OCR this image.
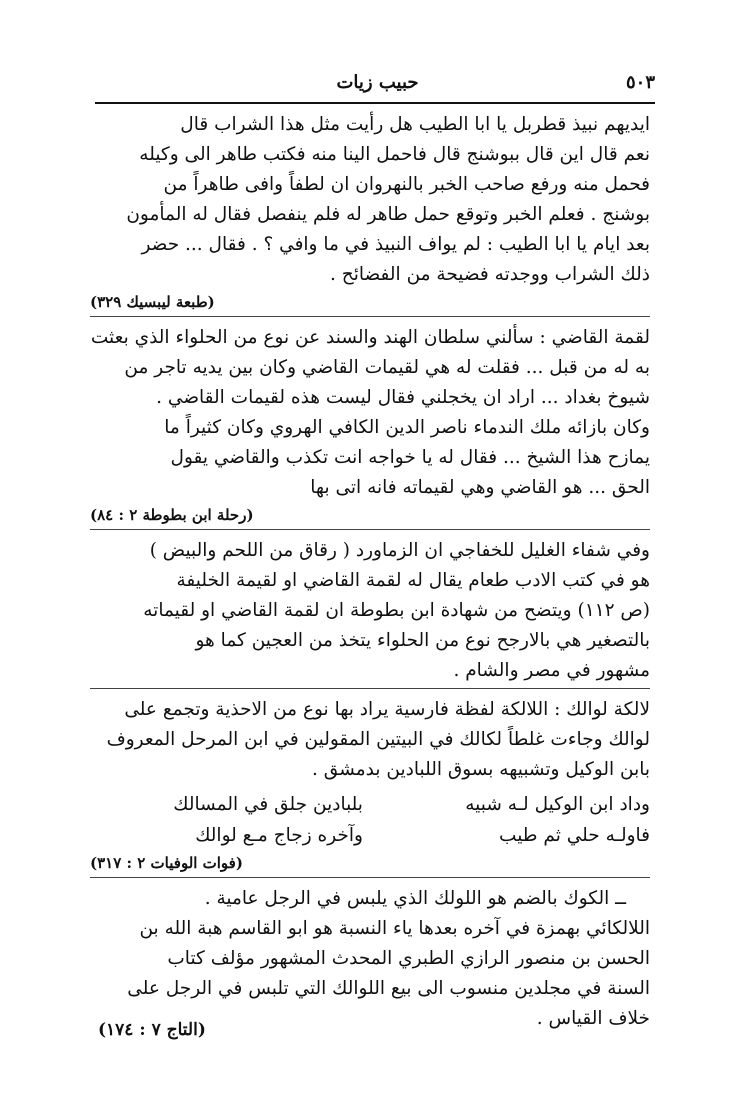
٥٠٣
حبيب زيات
ايديهم نبيذ قطربل يا ابا الطيب هل رأيت مثل هذا الشراب قال
نعم قال اين قال ببوشنج قال فاحمل الينا منه فكتب طاهر الى وكيله
فحمل منه ورفع صاحب الخبر بالنهروان ان لطفاً وافى طاهراً من
بوشنج . فعلم الخبر وتوقع حمل طاهر له فلم ينفصل فقال له المأمون
بعد ايام يا ابا الطيب : لم يواف النبيذ في ما وافي ؟ . فقال ... حضر
ذلك الشراب ووجدته فضيحة من الفضائح .
(طبعة ليبسيك ٣٢٩)
لقمة القاضي : سألني سلطان الهند والسند عن نوع من الحلواء الذي بعثت
به له من قبل ... فقلت له هي لقيمات القاضي وكان بين يديه تاجر من
شيوخ بغداد ... اراد ان يخجلني فقال ليست هذه لقيمات القاضي .
وكان بازائه ملك الندماء ناصر الدين الكافي الهروي وكان كثيراً ما
يمازح هذا الشيخ ... فقال له يا خواجه انت تكذب والقاضي يقول
الحق ... هو القاضي وهي لقيماته فانه اتى بها
(رحلة ابن بطوطة ٢ : ٨٤)
وفي شفاء الغليل للخفاجي ان الزماورد ( رقاق من اللحم والبيض )
هو في كتب الادب طعام يقال له لقمة القاضي او لقيمة الخليفة
(ص ١١٢) ويتضح من شهادة ابن بطوطة ان لقمة القاضي او لقيماته
بالتصغير هي بالارجح نوع من الحلواء يتخذ من العجين كما هو
مشهور في مصر والشام .
لالكة لوالك : اللالكة لفظة فارسية يراد بها نوع من الاحذية وتجمع على
لوالك وجاءت غلطاً لكالك في البيتين المقولين في ابن المرحل المعروف
بابن الوكيل وتشبيهه بسوق اللبادين بدمشق .
وداد ابن الوكيل لـه شبيه
بلبادين جلق في المسالك
فاولـه حلي ثم طيب
وآخره زجاج مـع لوالك
(فوات الوفيات ٢ : ٣١٧)
ــ الكوك بالضم هو اللولك الذي يلبس في الرجل عامية .
اللالكائي بهمزة في آخره بعدها ياء النسبة هو ابو القاسم هبة الله بن
الحسن بن منصور الرازي الطبري المحدث المشهور مؤلف كتاب
السنة في مجلدين منسوب الى بيع اللوالك التي تلبس في الرجل على
خلاف القياس .
(التاج ٧ : ١٧٤)
